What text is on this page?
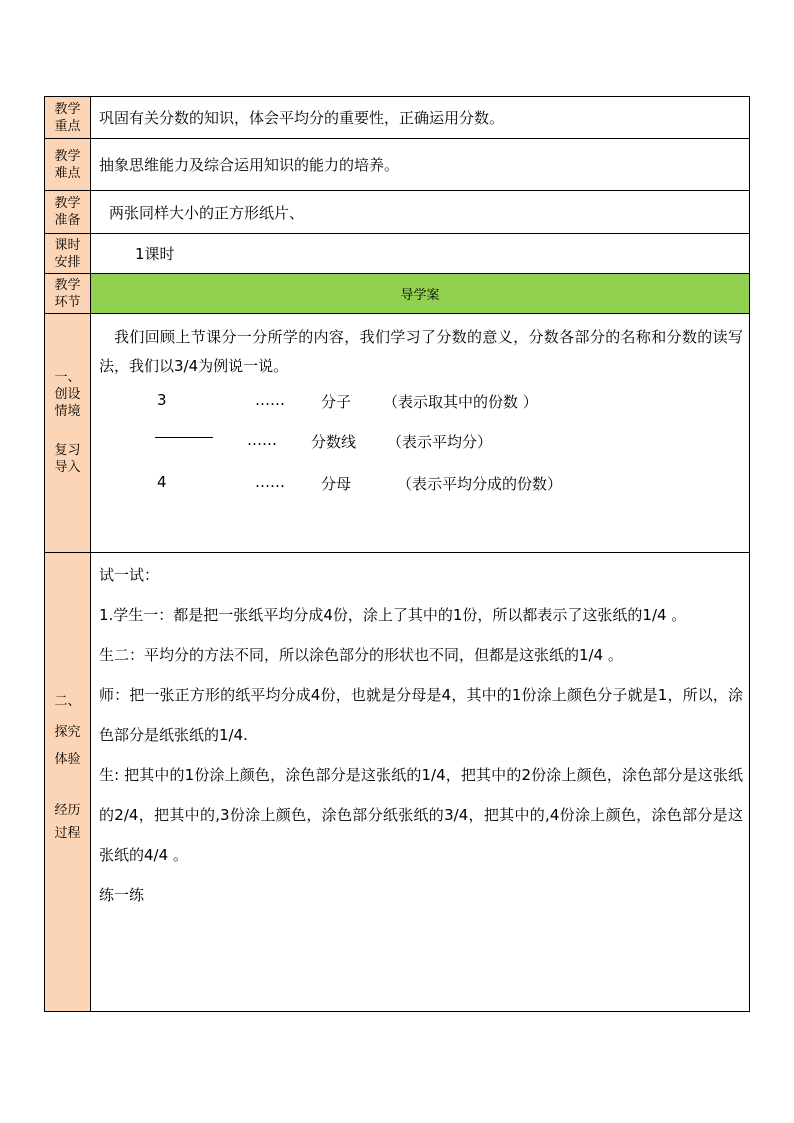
教学
重点	巩固有关分数的知识，体会平均分的重要性，正确运用分数。
教学
难点	抽象思维能力及综合运用知识的能力的培养。
教学
准备	两张同样大小的正方形纸片、
课时
安排	1课时
教学
环节	导学案
一、
创设
情境
复习
导入

我们回顾上节课分一分所学的内容，我们学习了分数的意义，分数各部分的名称和分数的读写法，我们以3/4为例说一说。

3	…… 分子 （表示取其中的份数 ）
…… 分数线 （表示平均分）
4	…… 分母	（表示平均分成的份数）
二、
探究
体验
经历
过程

试一试：

1.学生一：都是把一张纸平均分成4份，涂上了其中的1份，所以都表示了这张纸的1/4 。

生二：平均分的方法不同，所以涂色部分的形状也不同，但都是这张纸的1/4 。

师：把一张正方形的纸平均分成4份，也就是分母是4，其中的1份涂上颜色分子就是1，所以，涂色部分是纸张纸的1/4.

生: 把其中的1份涂上颜色，涂色部分是这张纸的1/4，把其中的2份涂上颜色，涂色部分是这张纸的2/4，把其中的,3份涂上颜色，涂色部分纸张纸的3/4，把其中的,4份涂上颜色，涂色部分是这张纸的4/4 。

练一练
